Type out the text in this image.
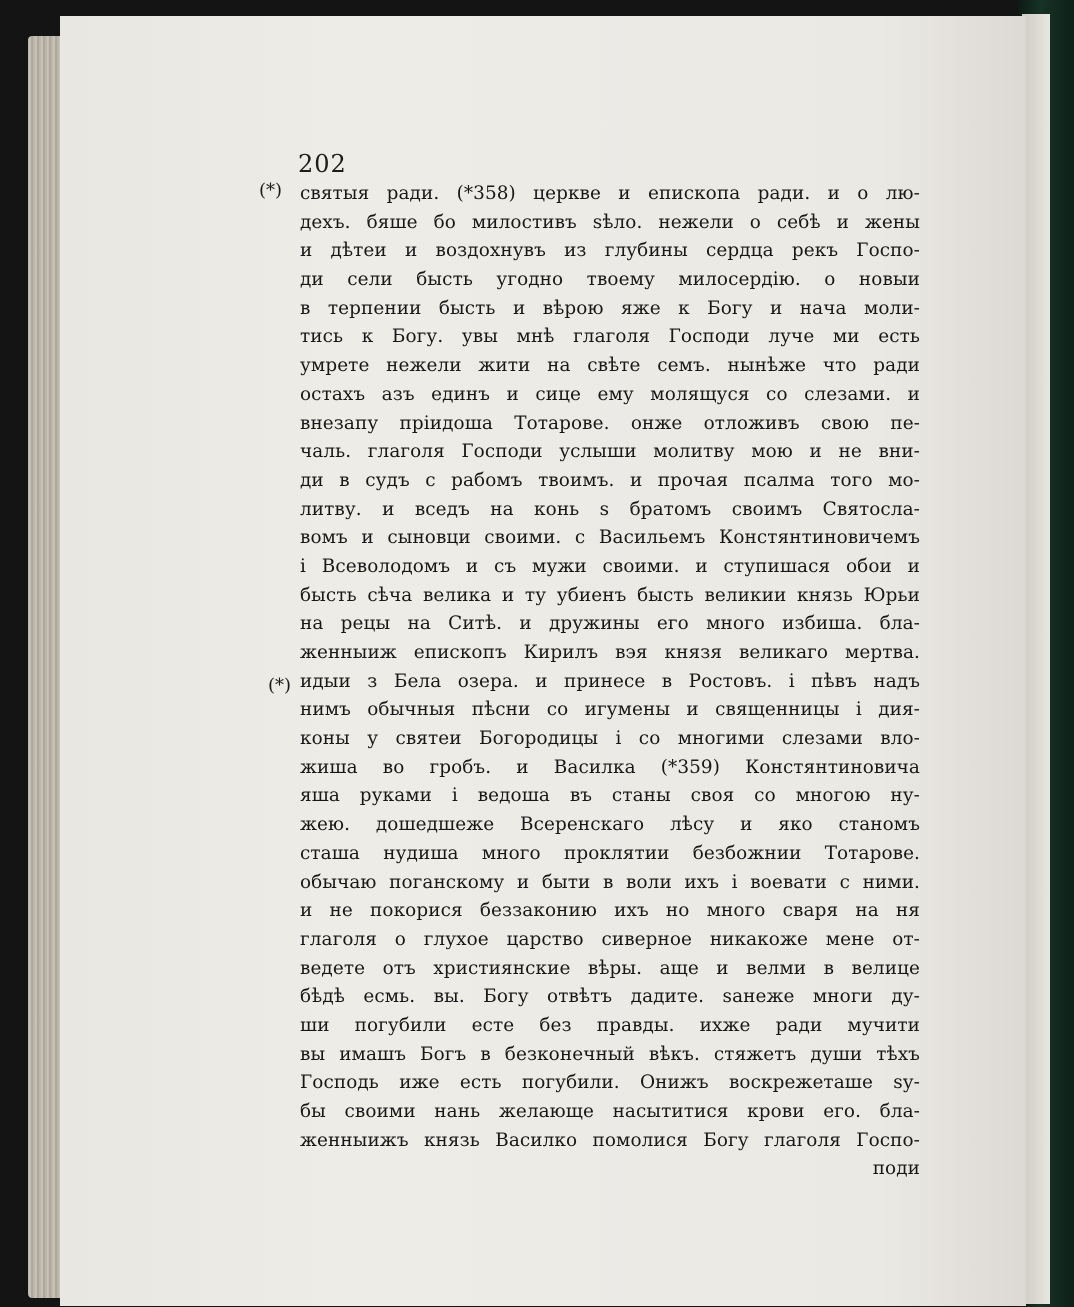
202
(*)
(*)
святыя ради. (*358) церкве и епископа ради. и о лю-
дехъ. бяше бо милостивъ ѕѣло. нежели о себѣ и жены
и дѣтеи и воздохнувъ из глубины сердца рекъ Госпо-
ди сели бысть угодно твоему милосердію. о новыи
в терпении бысть и вѣрою яже к Богу и нача моли-
тись к Богу. увы мнѣ глаголя Господи луче ми есть
умрете нежели жити на свѣте семъ. нынѣже что ради
остахъ азъ единъ и сице ему молящуся со слезами. и
внезапу прiидоша Тотарове. онже отложивъ свою пе-
чаль. глаголя Господи услыши молитву мою и не вни-
ди в судъ с рабомъ твоимъ. и прочая псалма того мо-
литву. и вседъ на конь ѕ братомъ своимъ Святосла-
вомъ и сыновци своими. с Васильемъ Констянтиновичемъ
і Всеволодомъ и съ мужи своими. и ступишася обои и
бысть сѣча велика и ту убиенъ бысть великии князь Юрьи
на рецы на Ситѣ. и дружины его много избиша. бла-
женныиж епископъ Кирилъ вэя князя великаго мертва.
идыи з Бела озера. и принесе в Ростовъ. і пѣвъ надъ
нимъ обычныя пѣсни со игумены и священницы і дия-
коны у святеи Богородицы і со многими слезами вло-
жиша во гробъ. и Василка (*359) Констянтиновича
яша руками і ведоша въ станы своя со многою ну-
жею. дошедшеже Всеренскаго лѣсу и яко станомъ
сташа нудиша много проклятии безбожнии Тотарове.
обычаю поганскому и быти в воли ихъ і воевати с ними.
и не покорися беззаконию ихъ но много сваря на ня
глаголя о глухое царство сиверное никакоже мене от-
ведете отъ християнские вѣры. аще и велми в велице
бѣдѣ есмь. вы. Богу отвѣтъ дадите. ѕанеже многи ду-
ши погубили есте без правды. ихже ради мучити
вы имашъ Богъ в безконечный вѣкъ. стяжетъ души тѣхъ
Господь иже есть погубили. Онижъ воскрежеташе ѕу-
бы своими нань желающе насытитися крови его. бла-
женныижъ князь Василко помолися Богу глаголя Госпо-
поди
